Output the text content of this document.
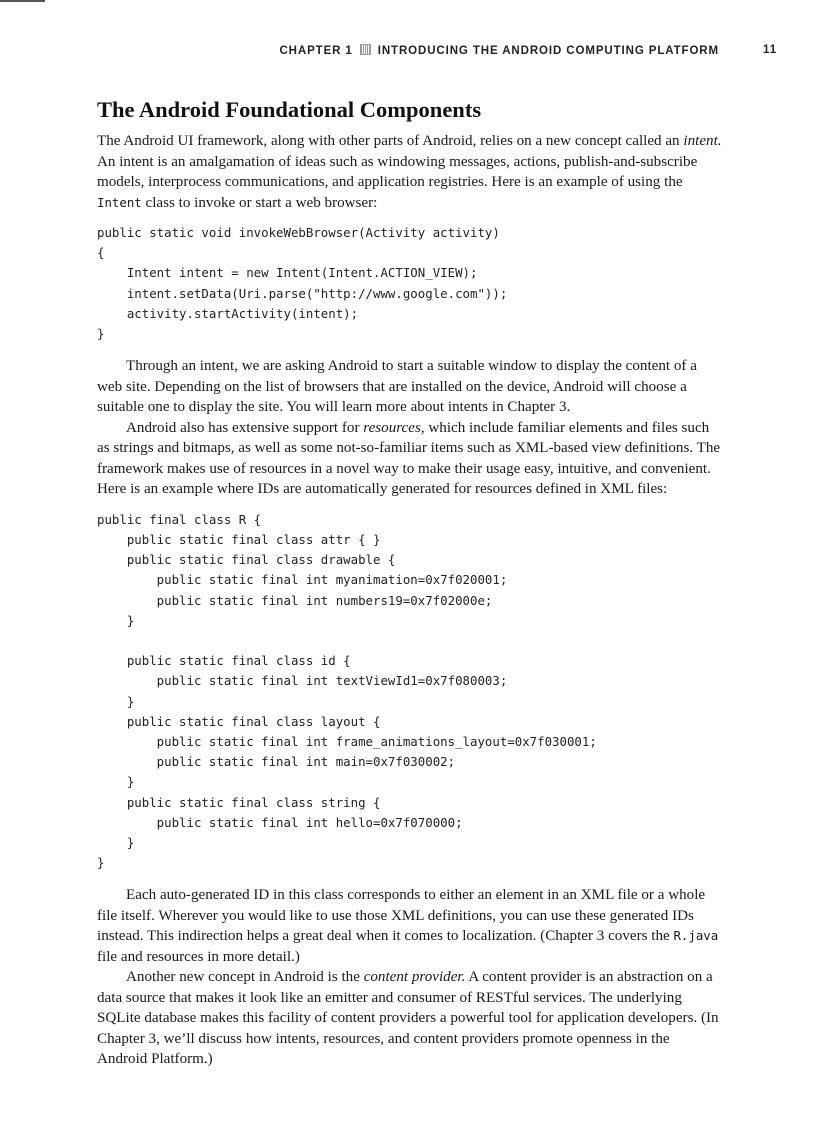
CHAPTER 1 INTRODUCING THE ANDROID COMPUTING PLATFORM	11
The Android Foundational Components

The Android UI framework, along with other parts of Android, relies on a new concept called an intent. An intent is an amalgamation of ideas such as windowing messages, actions, publish-and-subscribe models, interprocess communications, and application registries. Here is an example of using the Intent class to invoke or start a web browser:

public static void invokeWebBrowser(Activity activity)
{
Intent intent = new Intent(Intent.ACTION_VIEW);
intent.setData(Uri.parse("http://www.google.com"));
activity.startActivity(intent);
}

Through an intent, we are asking Android to start a suitable window to display the content of a web site. Depending on the list of browsers that are installed on the device, Android will choose a suitable one to display the site. You will learn more about intents in Chapter 3.

Android also has extensive support for resources, which include familiar elements and files such as strings and bitmaps, as well as some not-so-familiar items such as XML-based view definitions. The framework makes use of resources in a novel way to make their usage easy, intuitive, and convenient. Here is an example where IDs are automatically generated for resources defined in XML files:

public final class R {
public static final class attr { }
public static final class drawable {
public static final int myanimation=0x7f020001;
public static final int numbers19=0x7f02000e;
}

public static final class id {
public static final int textViewId1=0x7f080003;
}
public static final class layout {
public static final int frame_animations_layout=0x7f030001;
public static final int main=0x7f030002;
}
public static final class string {
public static final int hello=0x7f070000;
}
}

Each auto-generated ID in this class corresponds to either an element in an XML file or a whole file itself. Wherever you would like to use those XML definitions, you can use these generated IDs instead. This indirection helps a great deal when it comes to localization. (Chapter 3 covers the R.java file and resources in more detail.)

Another new concept in Android is the content provider. A content provider is an abstraction on a data source that makes it look like an emitter and consumer of RESTful services. The underlying SQLite database makes this facility of content providers a powerful tool for application developers. (In Chapter 3, we’ll discuss how intents, resources, and content providers promote openness in the Android Platform.)
